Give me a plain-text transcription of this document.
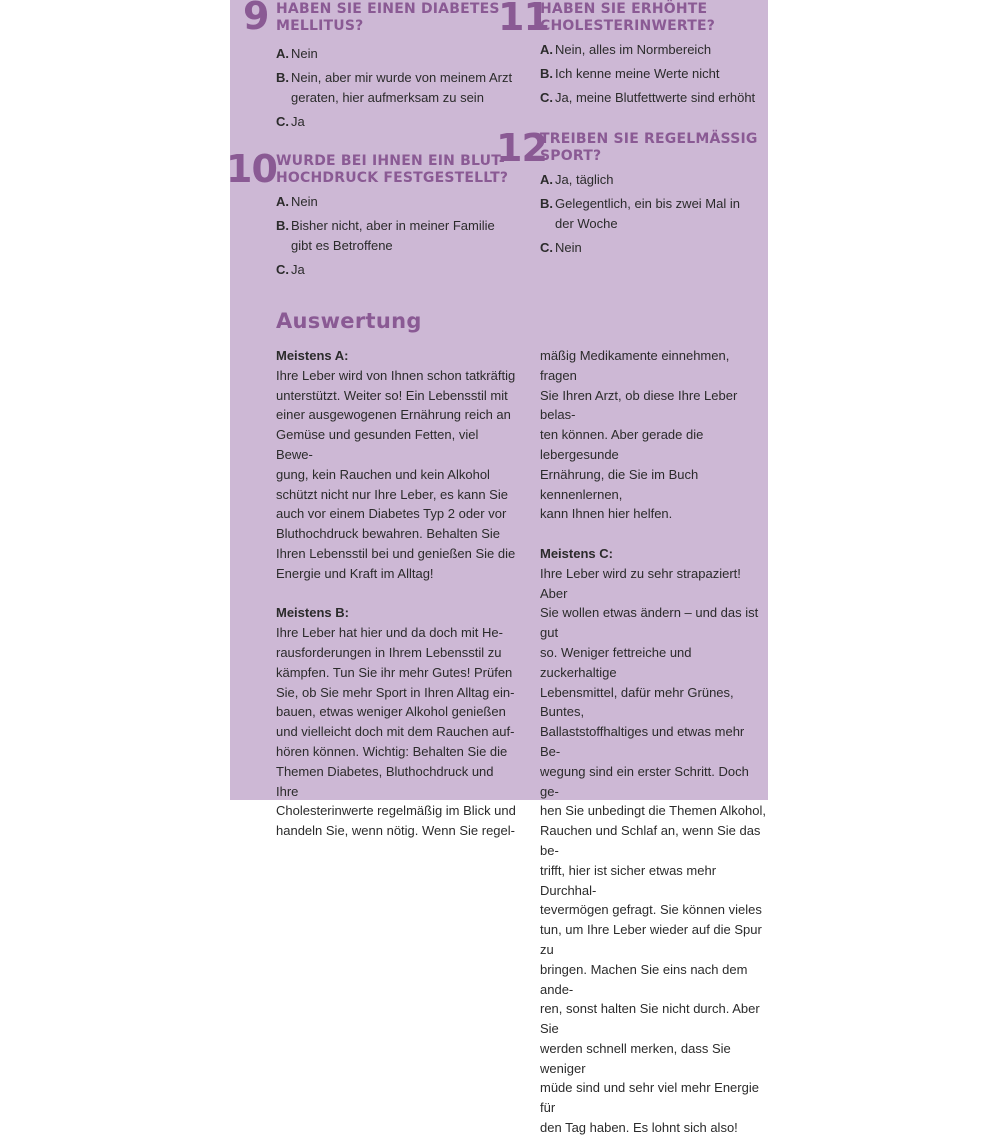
9 HABEN SIE EINEN DIABETES
MELLITUS?
A. Nein
B. Nein, aber mir wurde von meinem Arzt
geraten, hier aufmerksam zu sein
C. Ja
10 WURDE BEI IHNEN EIN BLUT-
HOCHDRUCK FESTGESTELLT?
A. Nein
B. Bisher nicht, aber in meiner Familie
gibt es Betroffene
C. Ja
11
HABEN SIE ERHÖHTE
CHOLESTERINWERTE?
A. Nein, alles im Normbereich
B. Ich kenne meine Werte nicht
C. Ja, meine Blutfettwerte sind erhöht
12
TREIBEN SIE REGELMÄSSIG
SPORT?
A. Ja, täglich
B. Gelegentlich, ein bis zwei Mal in
der Woche
C. Nein
Auswertung

Meistens A:

Ihre Leber wird von Ihnen schon tatkräftig

unterstützt. Weiter so! Ein Lebensstil mit

einer ausgewogenen Ernährung reich an

Gemüse und gesunden Fetten, viel Bewe-

gung, kein Rauchen und kein Alkohol

schützt nicht nur Ihre Leber, es kann Sie

auch vor einem Diabetes Typ 2 oder vor

Bluthochdruck bewahren. Behalten Sie

Ihren Lebensstil bei und genießen Sie die

Energie und Kraft im Alltag!

Meistens B:

Ihre Leber hat hier und da doch mit He-

rausforderungen in Ihrem Lebensstil zu

kämpfen. Tun Sie ihr mehr Gutes! Prüfen

Sie, ob Sie mehr Sport in Ihren Alltag ein-

bauen, etwas weniger Alkohol genießen

und vielleicht doch mit dem Rauchen auf-

hören können. Wichtig: Behalten Sie die

Themen Diabetes, Bluthochdruck und Ihre

Cholesterinwerte regelmäßig im Blick und

handeln Sie, wenn nötig. Wenn Sie regel-

mäßig Medikamente einnehmen, fragen

Sie Ihren Arzt, ob diese Ihre Leber belas-

ten können. Aber gerade die lebergesunde

Ernährung, die Sie im Buch kennenlernen,

kann Ihnen hier helfen.

Meistens C:

Ihre Leber wird zu sehr strapaziert! Aber

Sie wollen etwas ändern – und das ist gut

so. Weniger fettreiche und zuckerhaltige

Lebensmittel, dafür mehr Grünes, Buntes,

Ballaststoffhaltiges und etwas mehr Be-

wegung sind ein erster Schritt. Doch ge-

hen Sie unbedingt die Themen Alkohol,

Rauchen und Schlaf an, wenn Sie das be-

trifft, hier ist sicher etwas mehr Durchhal-

tevermögen gefragt. Sie können vieles

tun, um Ihre Leber wieder auf die Spur zu

bringen. Machen Sie eins nach dem ande-

ren, sonst halten Sie nicht durch. Aber Sie

werden schnell merken, dass Sie weniger

müde sind und sehr viel mehr Energie für

den Tag haben. Es lohnt sich also!
